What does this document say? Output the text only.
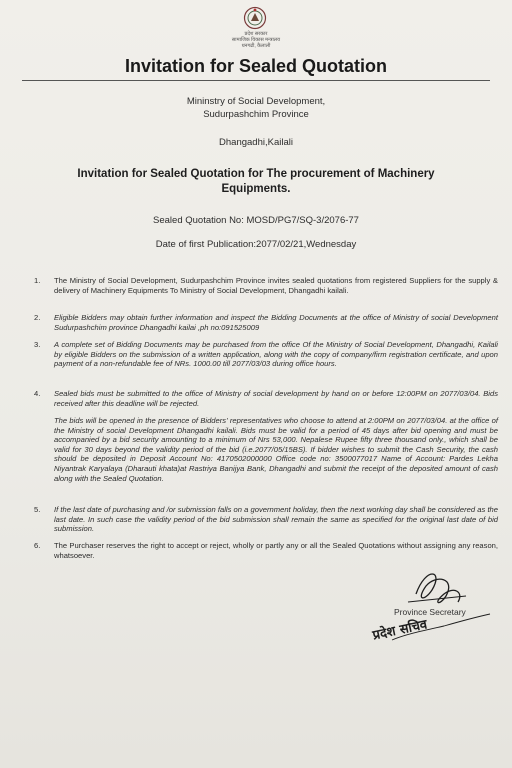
प्रदेश सरकार
सामाजिक विकास मन्त्रालय
धनगढी, कैलाली
Invitation for Sealed Quotation
Mininstry of Social Development,
Sudurpashchim Province
Dhangadhi,Kailali
Invitation for Sealed Quotation for The procurement of Machinery Equipments.
Sealed Quotation No: MOSD/PG7/SQ-3/2076-77
Date of first Publication:2077/02/21,Wednesday
1. The Ministry of Social Development, Sudurpashchim Province invites sealed quotations from registered Suppliers for the supply & delivery of Machinery Equipments To Ministry of Social Development, Dhangadhi kailali.
2. Eligible Bidders may obtain further information and inspect the Bidding Documents at the office of Ministry of social Development Sudurpashchim province Dhangadhi kailai ,ph no:091525009
3. A complete set of Bidding Documents may be purchased from the office Of the Ministry of Social Development, Dhangadhi, Kailali by eligible Bidders on the submission of a written application, along with the copy of company/firm registration certificate, and upon payment of a non-refundable fee of NRs. 1000.00 till 2077/03/03 during office hours.
4. Sealed bids must be submitted to the office of Ministry of social development by hand on or before 12:00PM on 2077/03/04. Bids received after this deadline will be rejected.
The bids will be opened in the presence of Bidders' representatives who choose to attend at 2:00PM on 2077/03/04. at the office of the Ministry of social Development Dhangadhi kailali. Bids must be valid for a period of 45 days after bid opening and must be accompanied by a bid security amounting to a minimum of Nrs 53,000. Nepalese Rupee fifty three thousand only., which shall be valid for 30 days beyond the validity period of the bid (i.e.2077/05/15BS). If bidder wishes to submit the Cash Security, the cash should be deposited in Deposit Account No: 4170502000000 Office code no: 3500077017 Name of Account: Pardes Lekha Niyantrak Karyalaya (Dharauti khata)at Rastriya Banijya Bank, Dhangadhi and submit the receipt of the deposited amount of cash along with the Sealed Quotation.
5. If the last date of purchasing and /or submission falls on a government holiday, then the next working day shall be considered as the last date. In such case the validity period of the bid submission shall remain the same as specified for the original last date of bid submission.
6. The Purchaser reserves the right to accept or reject, wholly or partly any or all the Sealed Quotations without assigning any reason, whatsoever.
Province Secretary
प्रदेश सचिव
